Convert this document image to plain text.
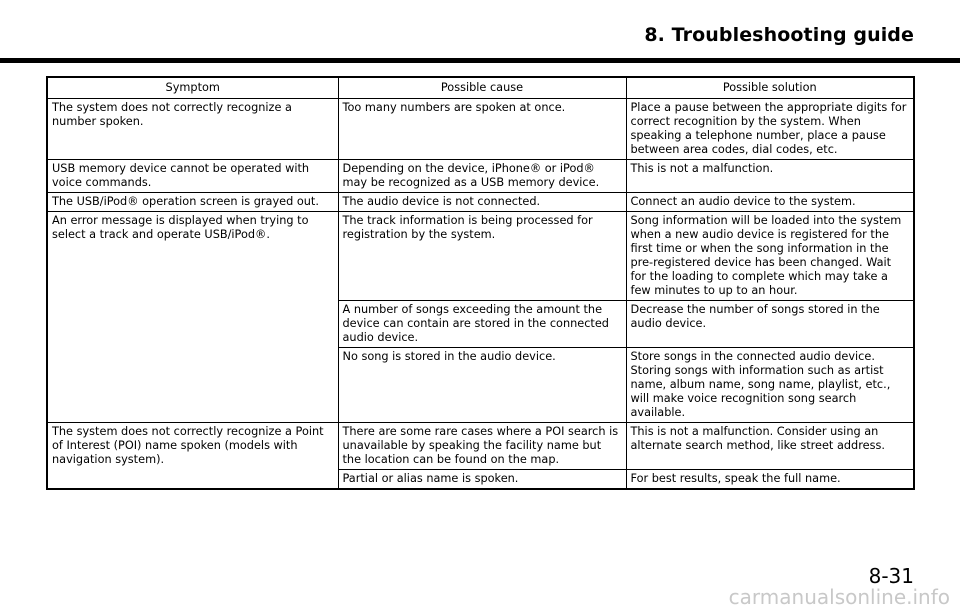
8. Troubleshooting guide
Symptom	Possible cause	Possible solution
The system does not correctly recognize a number spoken.	Too many numbers are spoken at once.	Place a pause between the appropriate digits for correct recognition by the system. When speaking a telephone number, place a pause between area codes, dial codes, etc.
USB memory device cannot be operated with voice commands.	Depending on the device, iPhone® or iPod® may be recognized as a USB memory device.	This is not a malfunction.
The USB/iPod® operation screen is grayed out.	The audio device is not connected.	Connect an audio device to the system.
An error message is displayed when trying to select a track and operate USB/iPod®.	The track information is being processed for registration by the system.	Song information will be loaded into the system when a new audio device is registered for the first time or when the song information in the pre-registered device has been changed. Wait for the loading to complete which may take a few minutes to up to an hour.
	A number of songs exceeding the amount the device can contain are stored in the connected audio device.	Decrease the number of songs stored in the audio device.
	No song is stored in the audio device.	Store songs in the connected audio device. Storing songs with information such as artist name, album name, song name, playlist, etc., will make voice recognition song search available.
The system does not correctly recognize a Point of Interest (POI) name spoken (models with navigation system).	There are some rare cases where a POI search is unavailable by speaking the facility name but the location can be found on the map.	This is not a malfunction. Consider using an alternate search method, like street address.
	Partial or alias name is spoken.	For best results, speak the full name.
8-31
carmanualsonline.info
